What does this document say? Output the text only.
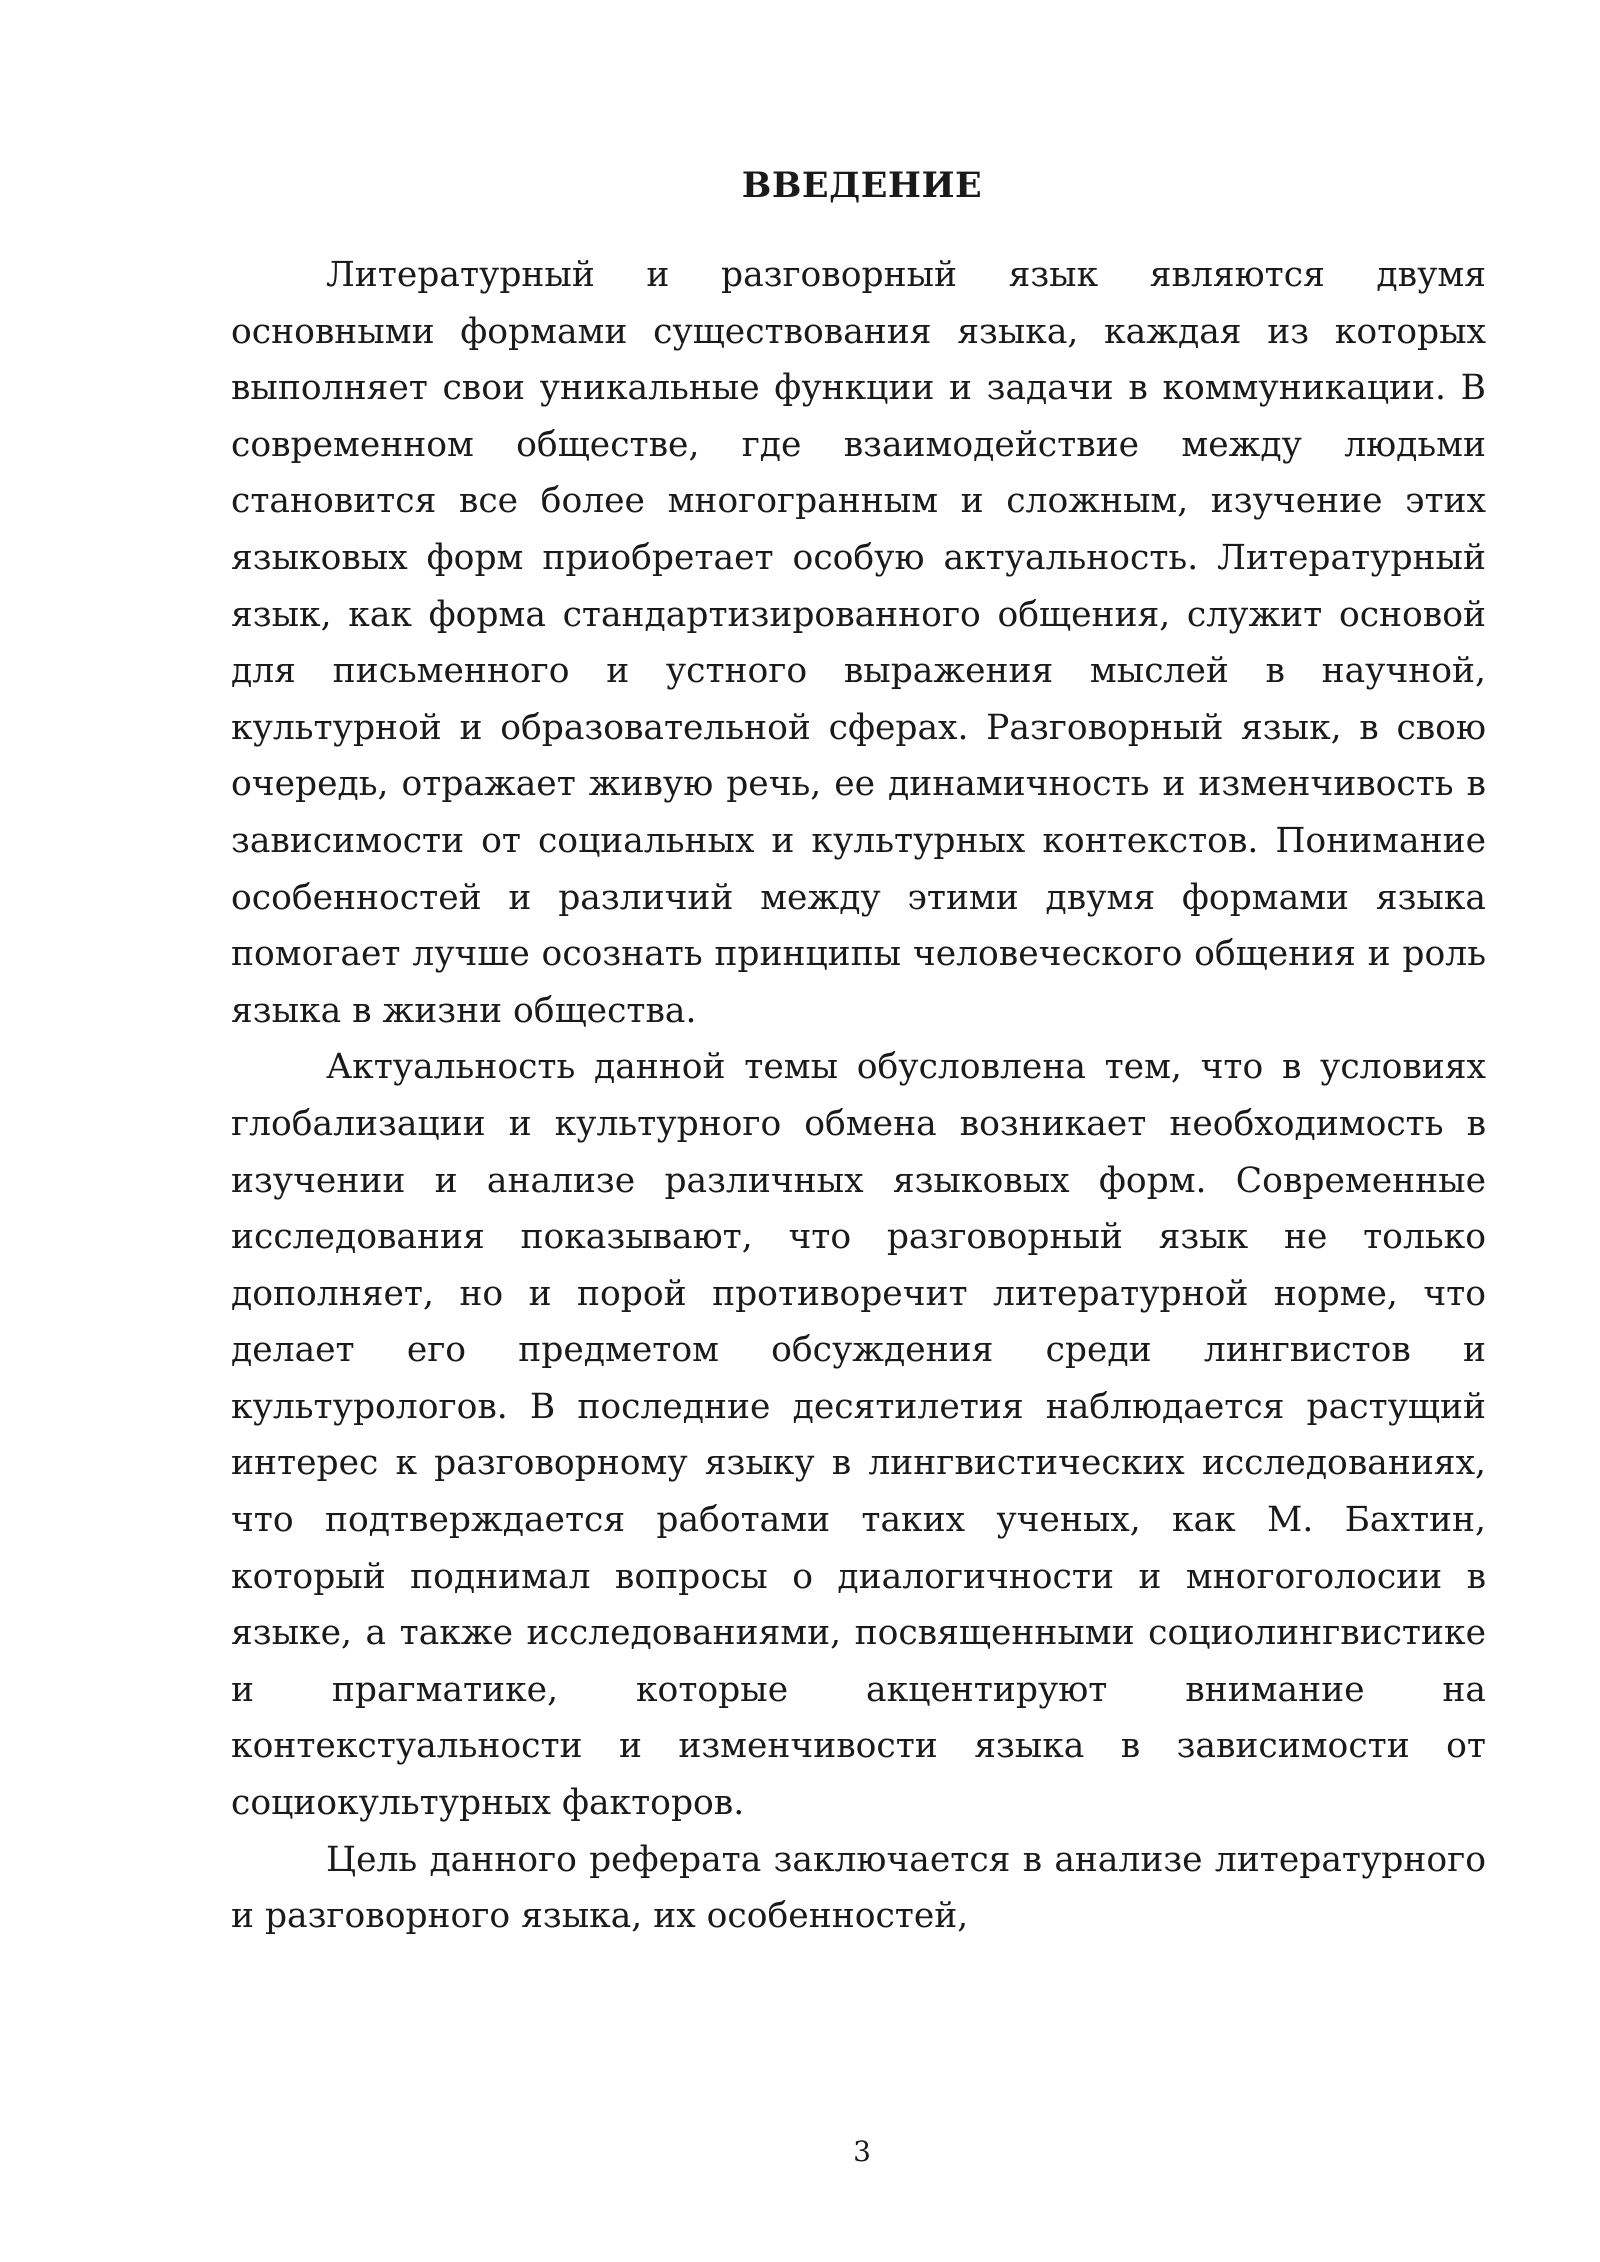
ВВЕДЕНИЕ

Литературный и разговорный язык являются двумя основными формами существования языка, каждая из которых выполняет свои уникальные функции и задачи в коммуникации. В современном обществе, где взаимодействие между людьми становится все более многогранным и сложным, изучение этих языковых форм приобретает особую актуальность. Литературный язык, как форма стандартизированного общения, служит основой для письменного и устного выражения мыслей в научной, культурной и образовательной сферах. Разговорный язык, в свою очередь, отражает живую речь, ее динамичность и изменчивость в зависимости от социальных и культурных контекстов. Понимание особенностей и различий между этими двумя формами языка помогает лучше осознать принципы человеческого общения и роль языка в жизни общества.

Актуальность данной темы обусловлена тем, что в условиях глобализации и культурного обмена возникает необходимость в изучении и анализе различных языковых форм. Современные исследования показывают, что разговорный язык не только дополняет, но и порой противоречит литературной норме, что делает его предметом обсуждения среди лингвистов и культурологов. В последние десятилетия наблюдается растущий интерес к разговорному языку в лингвистических исследованиях, что подтверждается работами таких ученых, как М. Бахтин, который поднимал вопросы о диалогичности и многоголосии в языке, а также исследованиями, посвященными социолингвистике и прагматике, которые акцентируют внимание на контекстуальности и изменчивости языка в зависимости от социокультурных факторов.

Цель данного реферата заключается в анализе литературного и разговорного языка, их особенностей,

3
